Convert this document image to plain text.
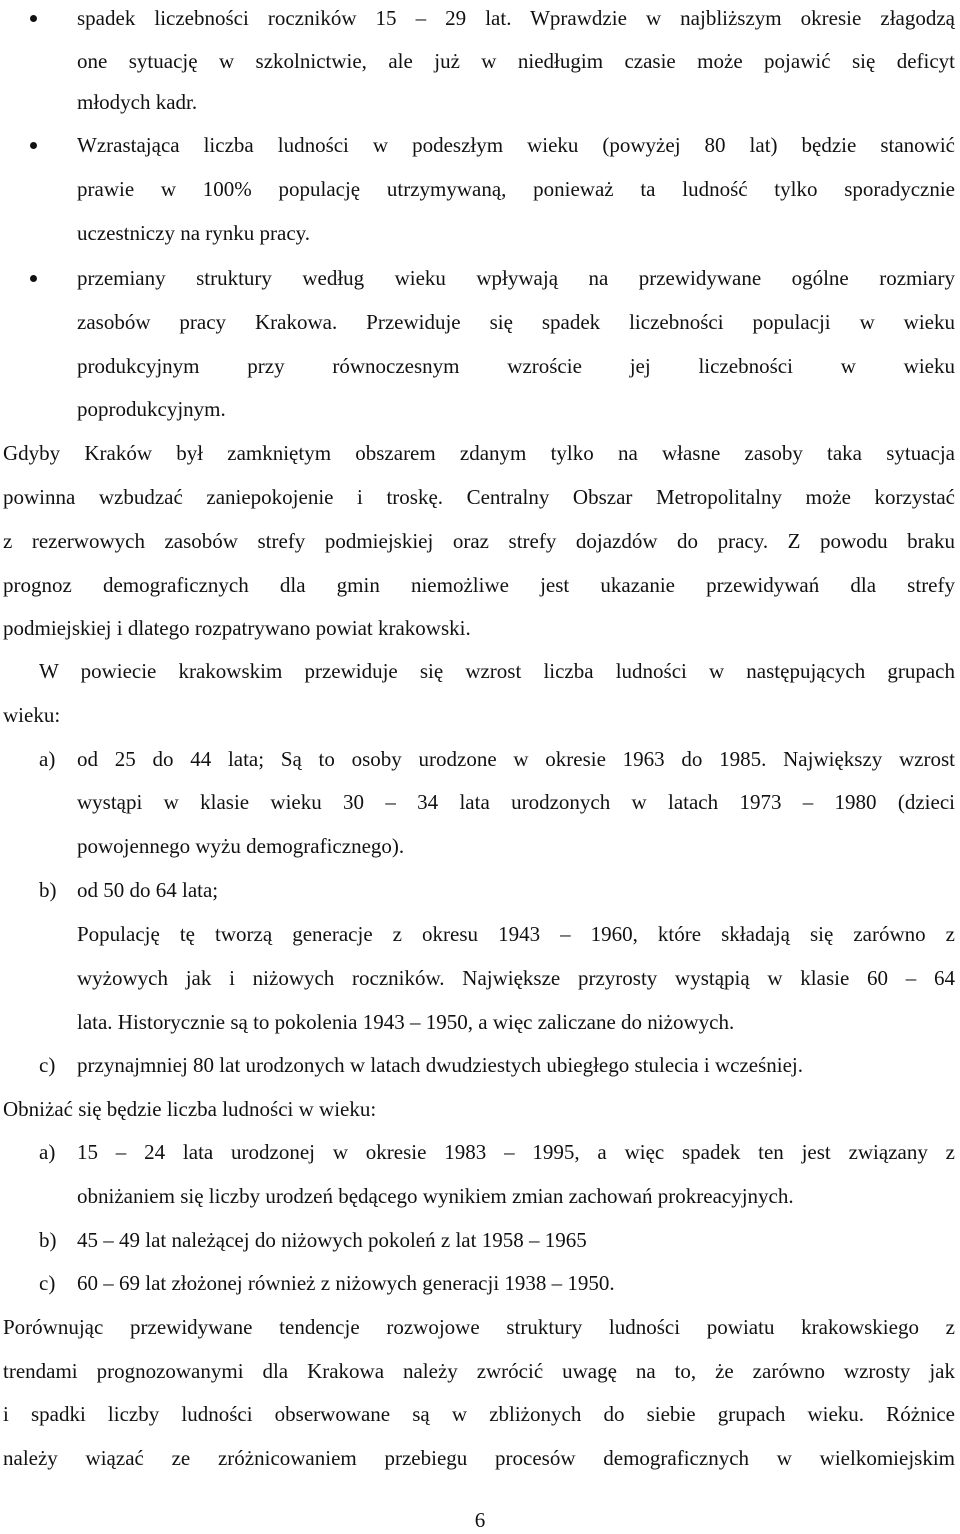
spadek liczebności roczników 15 – 29 lat. Wprawdzie w najbliższym okresie złagodzą
one sytuację w szkolnictwie, ale już w niedługim czasie może pojawić się deficyt
młodych kadr.
Wzrastająca liczba ludności w podeszłym wieku (powyżej 80 lat) będzie stanowić
prawie w 100% populację utrzymywaną, ponieważ ta ludność tylko sporadycznie
uczestniczy na rynku pracy.
przemiany struktury według wieku wpływają na przewidywane ogólne rozmiary
zasobów pracy Krakowa. Przewiduje się spadek liczebności populacji w wieku
produkcyjnym przy równoczesnym wzroście jej liczebności w wieku
poprodukcyjnym.
Gdyby Kraków był zamkniętym obszarem zdanym tylko na własne zasoby taka sytuacja
powinna wzbudzać zaniepokojenie i troskę. Centralny Obszar Metropolitalny może korzystać
z rezerwowych zasobów strefy podmiejskiej oraz strefy dojazdów do pracy. Z powodu braku
prognoz demograficznych dla gmin niemożliwe jest ukazanie przewidywań dla strefy
podmiejskiej i dlatego rozpatrywano powiat krakowski.
W powiecie krakowskim przewiduje się wzrost liczba ludności w następujących grupach
wieku:
a) od 25 do 44 lata; Są to osoby urodzone w okresie 1963 do 1985. Największy wzrost
wystąpi w klasie wieku 30 – 34 lata urodzonych w latach 1973 – 1980 (dzieci
powojennego wyżu demograficznego).
b) od 50 do 64 lata;
Populację tę tworzą generacje z okresu 1943 – 1960, które składają się zarówno z
wyżowych jak i niżowych roczników. Największe przyrosty wystąpią w klasie 60 – 64
lata. Historycznie są to pokolenia 1943 – 1950, a więc zaliczane do niżowych.
c) przynajmniej 80 lat urodzonych w latach dwudziestych ubiegłego stulecia i wcześniej.
Obniżać się będzie liczba ludności w wieku:
a) 15 – 24 lata urodzonej w okresie 1983 – 1995, a więc spadek ten jest związany z
obniżaniem się liczby urodzeń będącego wynikiem zmian zachowań prokreacyjnych.
b) 45 – 49 lat należącej do niżowych pokoleń z lat 1958 – 1965
c) 60 – 69 lat złożonej również z niżowych generacji 1938 – 1950.
Porównując przewidywane tendencje rozwojowe struktury ludności powiatu krakowskiego z
trendami prognozowanymi dla Krakowa należy zwrócić uwagę na to, że zarówno wzrosty jak
i spadki liczby ludności obserwowane są w zbliżonych do siebie grupach wieku. Różnice
należy wiązać ze zróżnicowaniem przebiegu procesów demograficznych w wielkomiejskim
6
